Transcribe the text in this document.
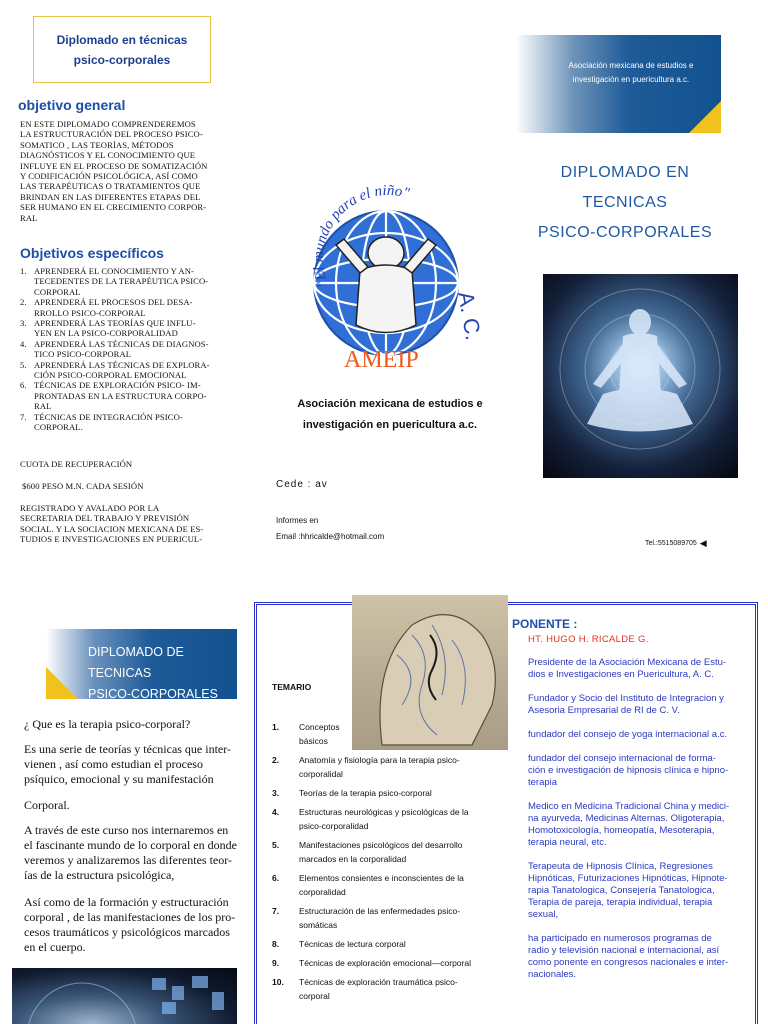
Diplomado en técnicas
psico-corporales
objetivo general
EN ESTE DIPLOMADO COMPRENDEREMOS
LA ESTRUCTURACIÓN DEL PROCESO PSICO-
SOMATICO , LAS TEORÍAS, MÉTODOS
DIAGNÓSTICOS Y EL CONOCIMIENTO QUE
INFLUYE EN EL PROCESO DE SOMATIZACIÓN
Y CODIFICACIÓN PSICOLÓGICA, ASÍ COMO
LAS TERAPÉUTICAS O TRATAMIENTOS QUE
BRINDAN EN LAS DIFERENTES ETAPAS DEL
SER HUMANO EN EL CRECIMIENTO CORPOR-
RAL
Objetivos específicos
1. APRENDERÁ EL CONOCIMIENTO Y AN-
TECEDENTES DE LA TERAPÉUTICA PSICO-
CORPORAL
2. APRENDERÁ EL PROCESOS DEL DESA-
RROLLO PSICO-CORPORAL
3. APRENDERÁ LAS TEORÍAS QUE INFLU-
YEN EN LA PSICO-CORPORALIDAD
4. APRENDERÁ LAS TÉCNICAS DE DIAGNOS-
TICO PSICO-CORPORAL
5. APRENDERÁ LAS TÉCNICAS DE EXPLORA-
CIÓN PSICO-CORPORAL EMOCIONAL
6. TÉCNICAS DE EXPLORACIÓN PSICO- IM-
PRONTADAS EN LA ESTRUCTURA CORPO-
RAL
7. TÉCNICAS DE INTEGRACIÓN PSICO-
CORPORAL.
CUOTA DE RECUPERACIÓN
$600 PESO M.N. CADA SESIÓN
REGISTRADO Y AVALADO POR LA
SECRETARIA DEL TRABAJO Y PREVISIÓN
SOCIAL. Y LA SOCIACION MEXICANA DE ES-
TUDIOS E INVESTIGACIONES EN PUERICUL-
"El mundo para el niño"
A. C.
AMEIP
Asociación mexicana de estudios e
investigación en puericultura a.c.
Cede : av
Informes en
Email :hhricalde@hotmail.com
Asociación mexicana de estudios e
investigación en puericultura a.c.
DIPLOMADO EN TECNICAS
PSICO-CORPORALES
Tel.:5515089705 ◀
DIPLOMADO DE TECNICAS
PSICO-CORPORALES
¿ Que es la terapia psico-corporal?
Es una serie de teorías y técnicas que inter-
vienen , así como estudian el proceso
psíquico, emocional y su manifestación
Corporal.
A través de este curso nos internaremos en
el fascinante mundo de lo corporal en donde
veremos y analizaremos las diferentes teor-
ías de la estructura psicológica,
Así como de la formación y estructuración
corporal , de las manifestaciones de los pro-
cesos traumáticos y psicológicos marcados
en el cuerpo.
TEMARIO
1.	Conceptos
básicos
2.	Anatomía y fisiología para la terapia psico-
corporalidal
3.	Teorías de la terapia psico-corporal
4.	Estructuras neurológicas y psicológicas de la
psico-corporalidad
5.	Manifestaciones psicológicos del desarrollo
marcados en la corporalidad
6.	Elementos consientes e inconscientes de la
corporalidad
7.	Estructuración de las enfermedades psico-
somáticas
8.	Técnicas de lectura corporal
9.	Técnicas de exploración emocional—corporal
10.	Técnicas de exploración traumática psico-
corporal
PONENTE :
HT. HUGO H. RICALDE G.
Presidente de la Asociación Mexicana de Estu-
dios e Investigaciones en Puericultura, A. C.
Fundador y Socio del Instituto de Integracion y
Asesoria Empresarial de RI de C. V.
fundador del consejo de yoga internacional a.c.
fundador del consejo internacional de forma-
ción e investigación de hipnosis clínica e hipno-
terapia
Medico en Medicina Tradicional China y medici-
na ayurveda, Medicinas Alternas. Oligoterapia,
Homotoxicología, homeopatía, Mesoterapia,
terapia neural, etc.
Terapeuta de Hipnosis Clínica, Regresiones
Hipnóticas, Futurizaciones Hipnóticas, Hipnote-
rapia Tanatologica, Consejería Tanatologica,
Terapia de pareja, terapia individual, terapia
sexual,
ha participado en numerosos programas de
radio y televisión nacional e internacional, así
como ponente en congresos nacionales e inter-
nacionales.
